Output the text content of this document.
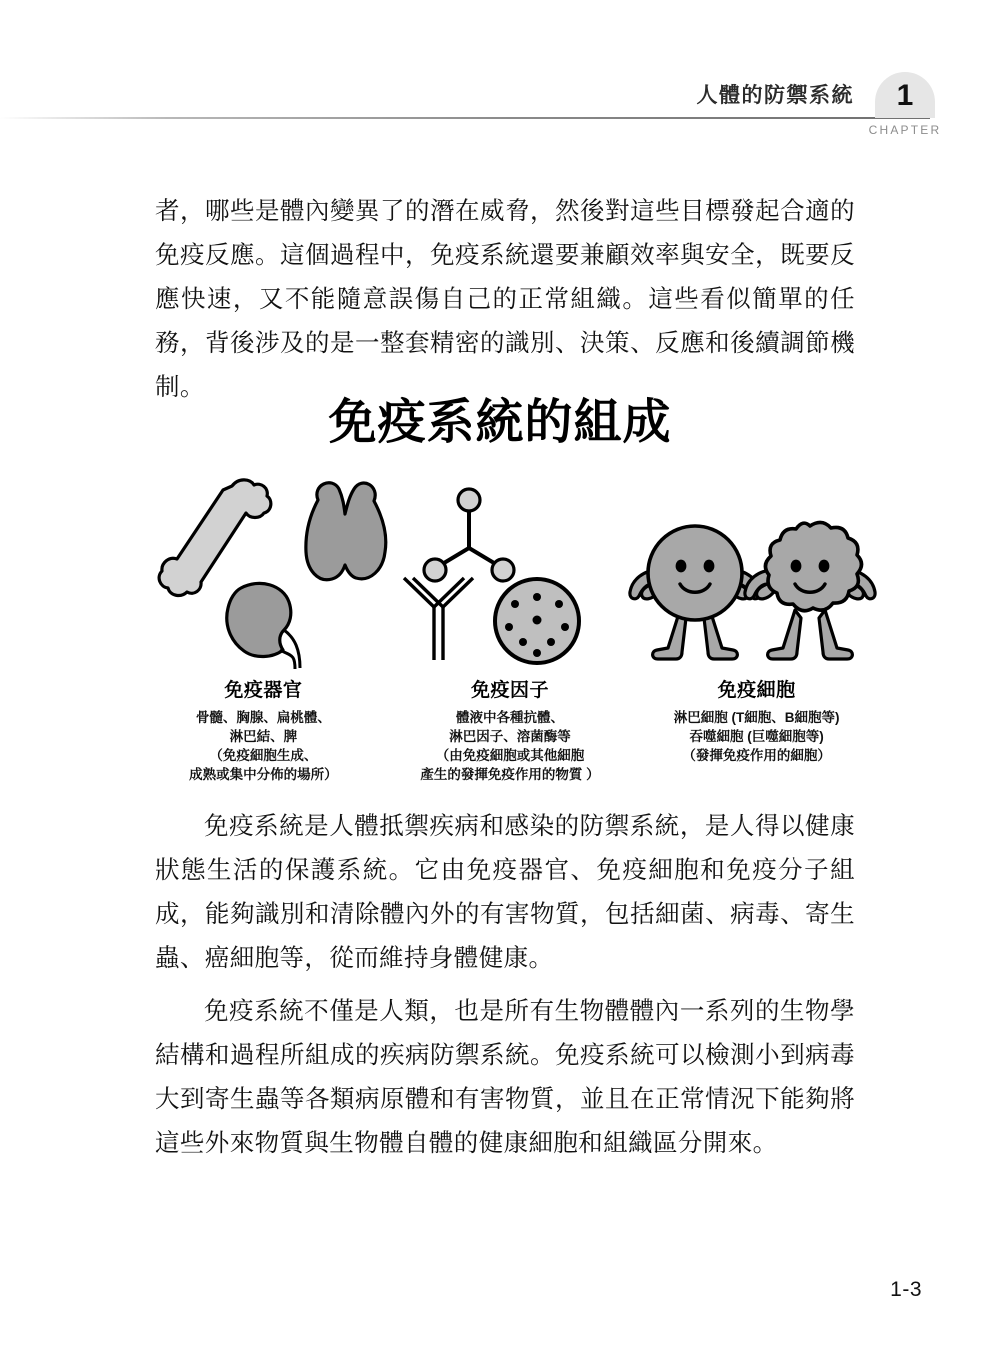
人體的防禦系統	1
CHAPTER

者，哪些是體內變異了的潛在威脅，然後對這些目標發起合適的免疫反應。這個過程中，免疫系統還要兼顧效率與安全，既要反應快速，又不能隨意誤傷自己的正常組織。這些看似簡單的任務，背後涉及的是一整套精密的識別、決策、反應和後續調節機制。

免疫系統的組成
免疫器官
骨髓、胸腺、扁桃體、
淋巴結、脾
（免疫細胞生成、
成熟或集中分佈的場所）
免疫因子
體液中各種抗體、
淋巴因子、溶菌酶等
（由免疫細胞或其他細胞
產生的發揮免疫作用的物質 ）
免疫細胞
淋巴細胞 (T細胞、B細胞等)
吞噬細胞 (巨噬細胞等)
（發揮免疫作用的細胞）

免疫系統是人體抵禦疾病和感染的防禦系統，是人得以健康狀態生活的保護系統。它由免疫器官、免疫細胞和免疫分子組成，能夠識別和清除體內外的有害物質，包括細菌、病毒、寄生蟲、癌細胞等，從而維持身體健康。

免疫系統不僅是人類，也是所有生物體體內一系列的生物學結構和過程所組成的疾病防禦系統。免疫系統可以檢測小到病毒大到寄生蟲等各類病原體和有害物質，並且在正常情況下能夠將這些外來物質與生物體自體的健康細胞和組織區分開來。

1-3
